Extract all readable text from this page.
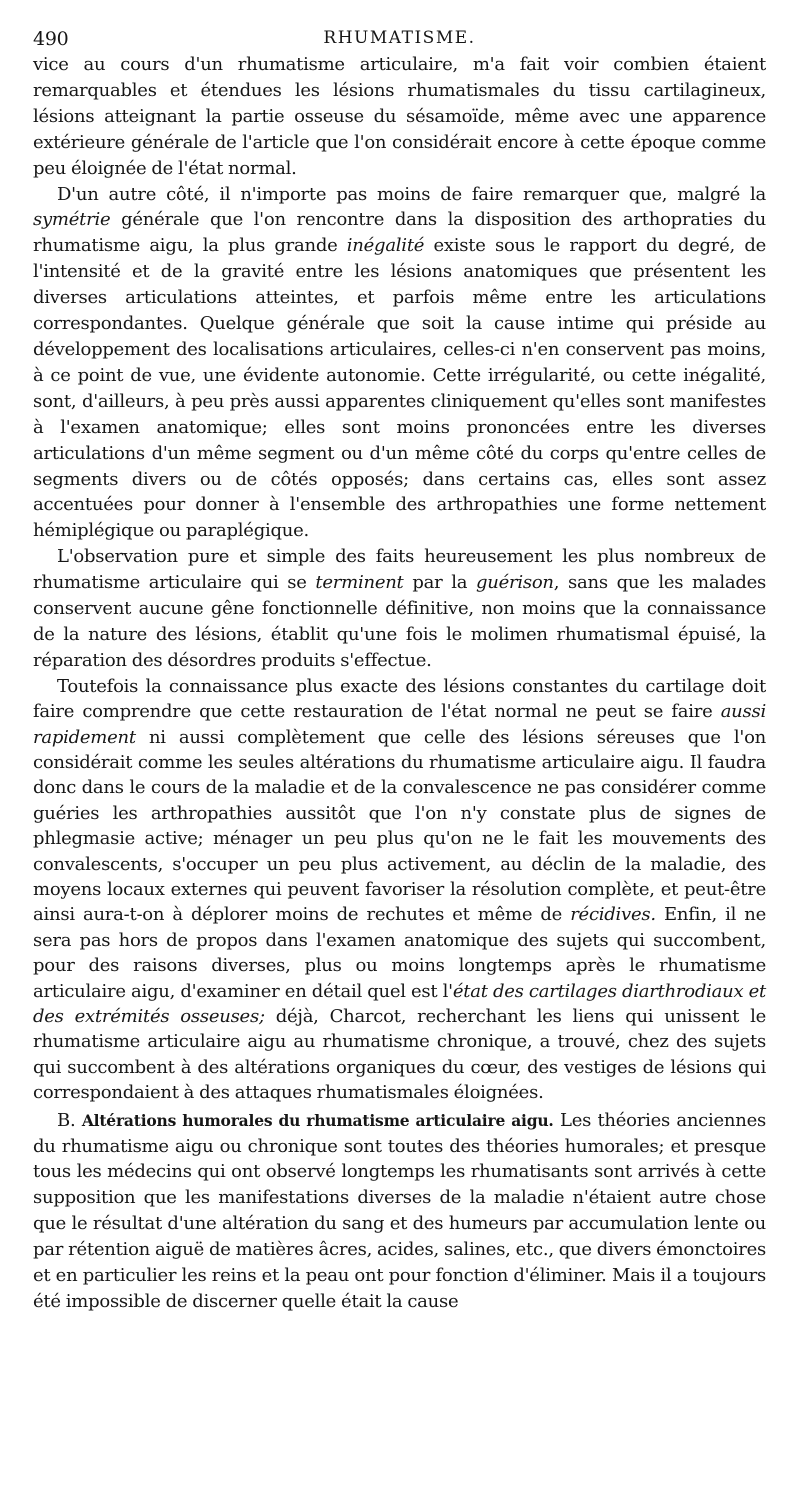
490	RHUMATISME.

vice au cours d'un rhumatisme articulaire, m'a fait voir combien étaient remarquables et étendues les lésions rhumatismales du tissu cartilagineux, lésions atteignant la partie osseuse du sésamoïde, même avec une apparence extérieure générale de l'article que l'on considérait encore à cette époque comme peu éloignée de l'état normal.

D'un autre côté, il n'importe pas moins de faire remarquer que, malgré la symétrie générale que l'on rencontre dans la disposition des arthopraties du rhumatisme aigu, la plus grande inégalité existe sous le rapport du degré, de l'intensité et de la gravité entre les lésions anatomiques que présentent les diverses articulations atteintes, et parfois même entre les articulations correspondantes. Quelque générale que soit la cause intime qui préside au développement des localisations articulaires, celles-ci n'en conservent pas moins, à ce point de vue, une évidente autonomie. Cette irrégularité, ou cette inégalité, sont, d'ailleurs, à peu près aussi apparentes cliniquement qu'elles sont manifestes à l'examen anatomique; elles sont moins prononcées entre les diverses articulations d'un même segment ou d'un même côté du corps qu'entre celles de segments divers ou de côtés opposés; dans certains cas, elles sont assez accentuées pour donner à l'ensemble des arthropathies une forme nettement hémiplégique ou paraplégique.

L'observation pure et simple des faits heureusement les plus nombreux de rhumatisme articulaire qui se terminent par la guérison, sans que les malades conservent aucune gêne fonctionnelle définitive, non moins que la connaissance de la nature des lésions, établit qu'une fois le molimen rhumatismal épuisé, la réparation des désordres produits s'effectue.

Toutefois la connaissance plus exacte des lésions constantes du cartilage doit faire comprendre que cette restauration de l'état normal ne peut se faire aussi rapidement ni aussi complètement que celle des lésions séreuses que l'on considérait comme les seules altérations du rhumatisme articulaire aigu. Il faudra donc dans le cours de la maladie et de la convalescence ne pas considérer comme guéries les arthropathies aussitôt que l'on n'y constate plus de signes de phlegmasie active; ménager un peu plus qu'on ne le fait les mouvements des convalescents, s'occuper un peu plus activement, au déclin de la maladie, des moyens locaux externes qui peuvent favoriser la résolution complète, et peut-être ainsi aura-t-on à déplorer moins de rechutes et même de récidives. Enfin, il ne sera pas hors de propos dans l'examen anatomique des sujets qui succombent, pour des raisons diverses, plus ou moins longtemps après le rhumatisme articulaire aigu, d'examiner en détail quel est l'état des cartilages diarthrodiaux et des extrémités osseuses; déjà, Charcot, recherchant les liens qui unissent le rhumatisme articulaire aigu au rhumatisme chronique, a trouvé, chez des sujets qui succombent à des altérations organiques du cœur, des vestiges de lésions qui correspondaient à des attaques rhumatismales éloignées.

B. Altérations humorales du rhumatisme articulaire aigu. Les théories anciennes du rhumatisme aigu ou chronique sont toutes des théories humorales; et presque tous les médecins qui ont observé longtemps les rhumatisants sont arrivés à cette supposition que les manifestations diverses de la maladie n'étaient autre chose que le résultat d'une altération du sang et des humeurs par accumulation lente ou par rétention aiguë de matières âcres, acides, salines, etc., que divers émonctoires et en particulier les reins et la peau ont pour fonction d'éliminer. Mais il a toujours été impossible de discerner quelle était la cause
